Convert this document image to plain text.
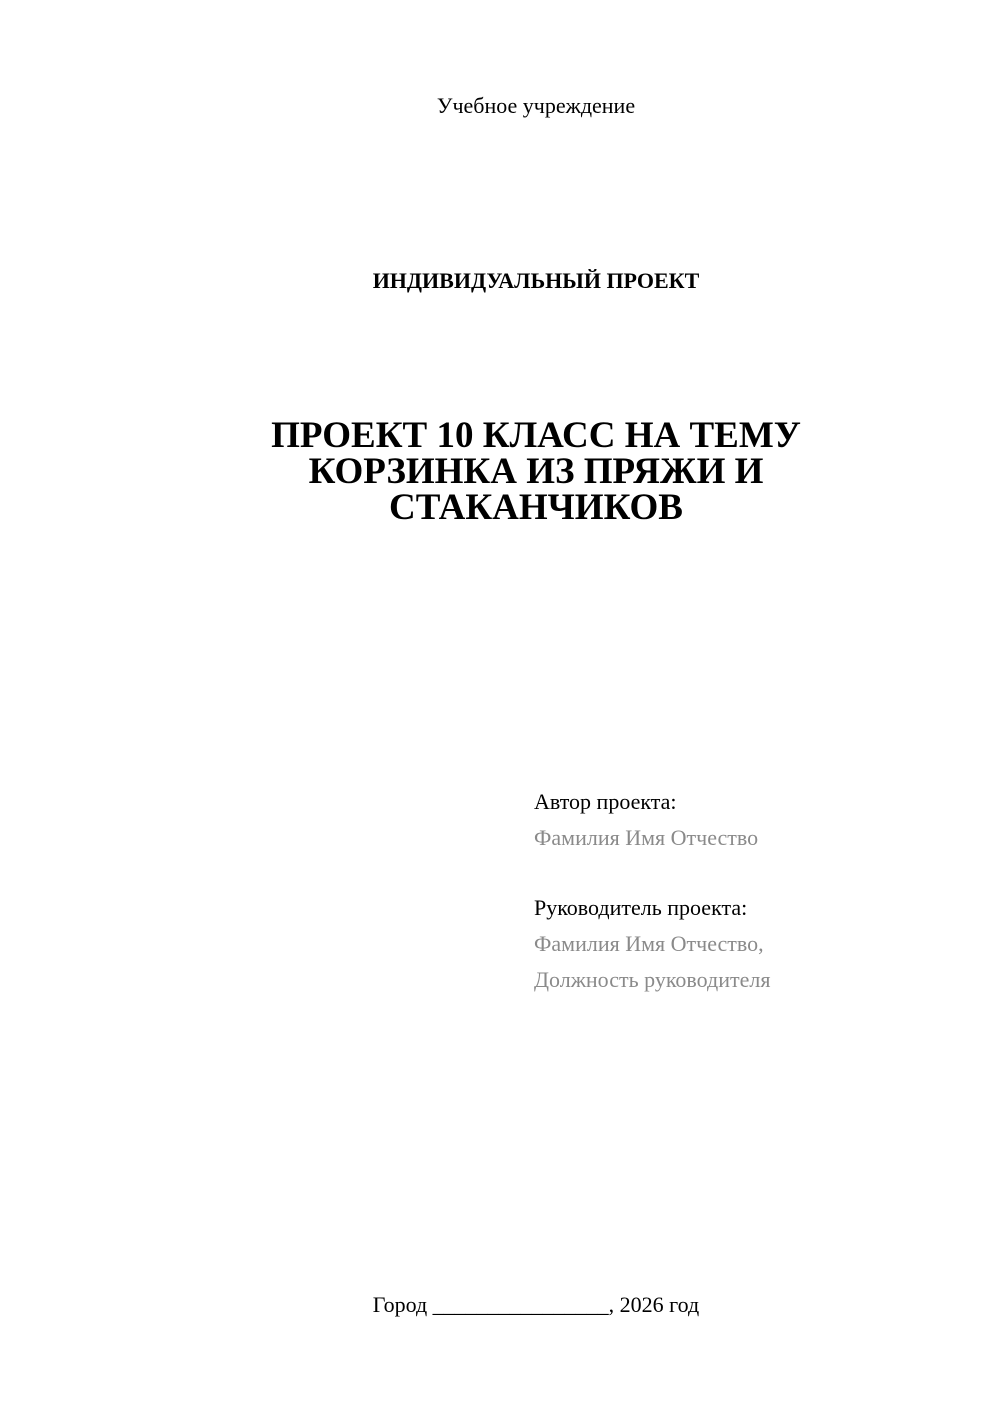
Учебное учреждение
ИНДИВИДУАЛЬНЫЙ ПРОЕКТ
ПРОЕКТ 10 КЛАСС НА ТЕМУ
КОРЗИНКА ИЗ ПРЯЖИ И
СТАКАНЧИКОВ
Автор проекта:
Фамилия Имя Отчество
Руководитель проекта:
Фамилия Имя Отчество,
Должность руководителя
Город ________________, 2026 год
